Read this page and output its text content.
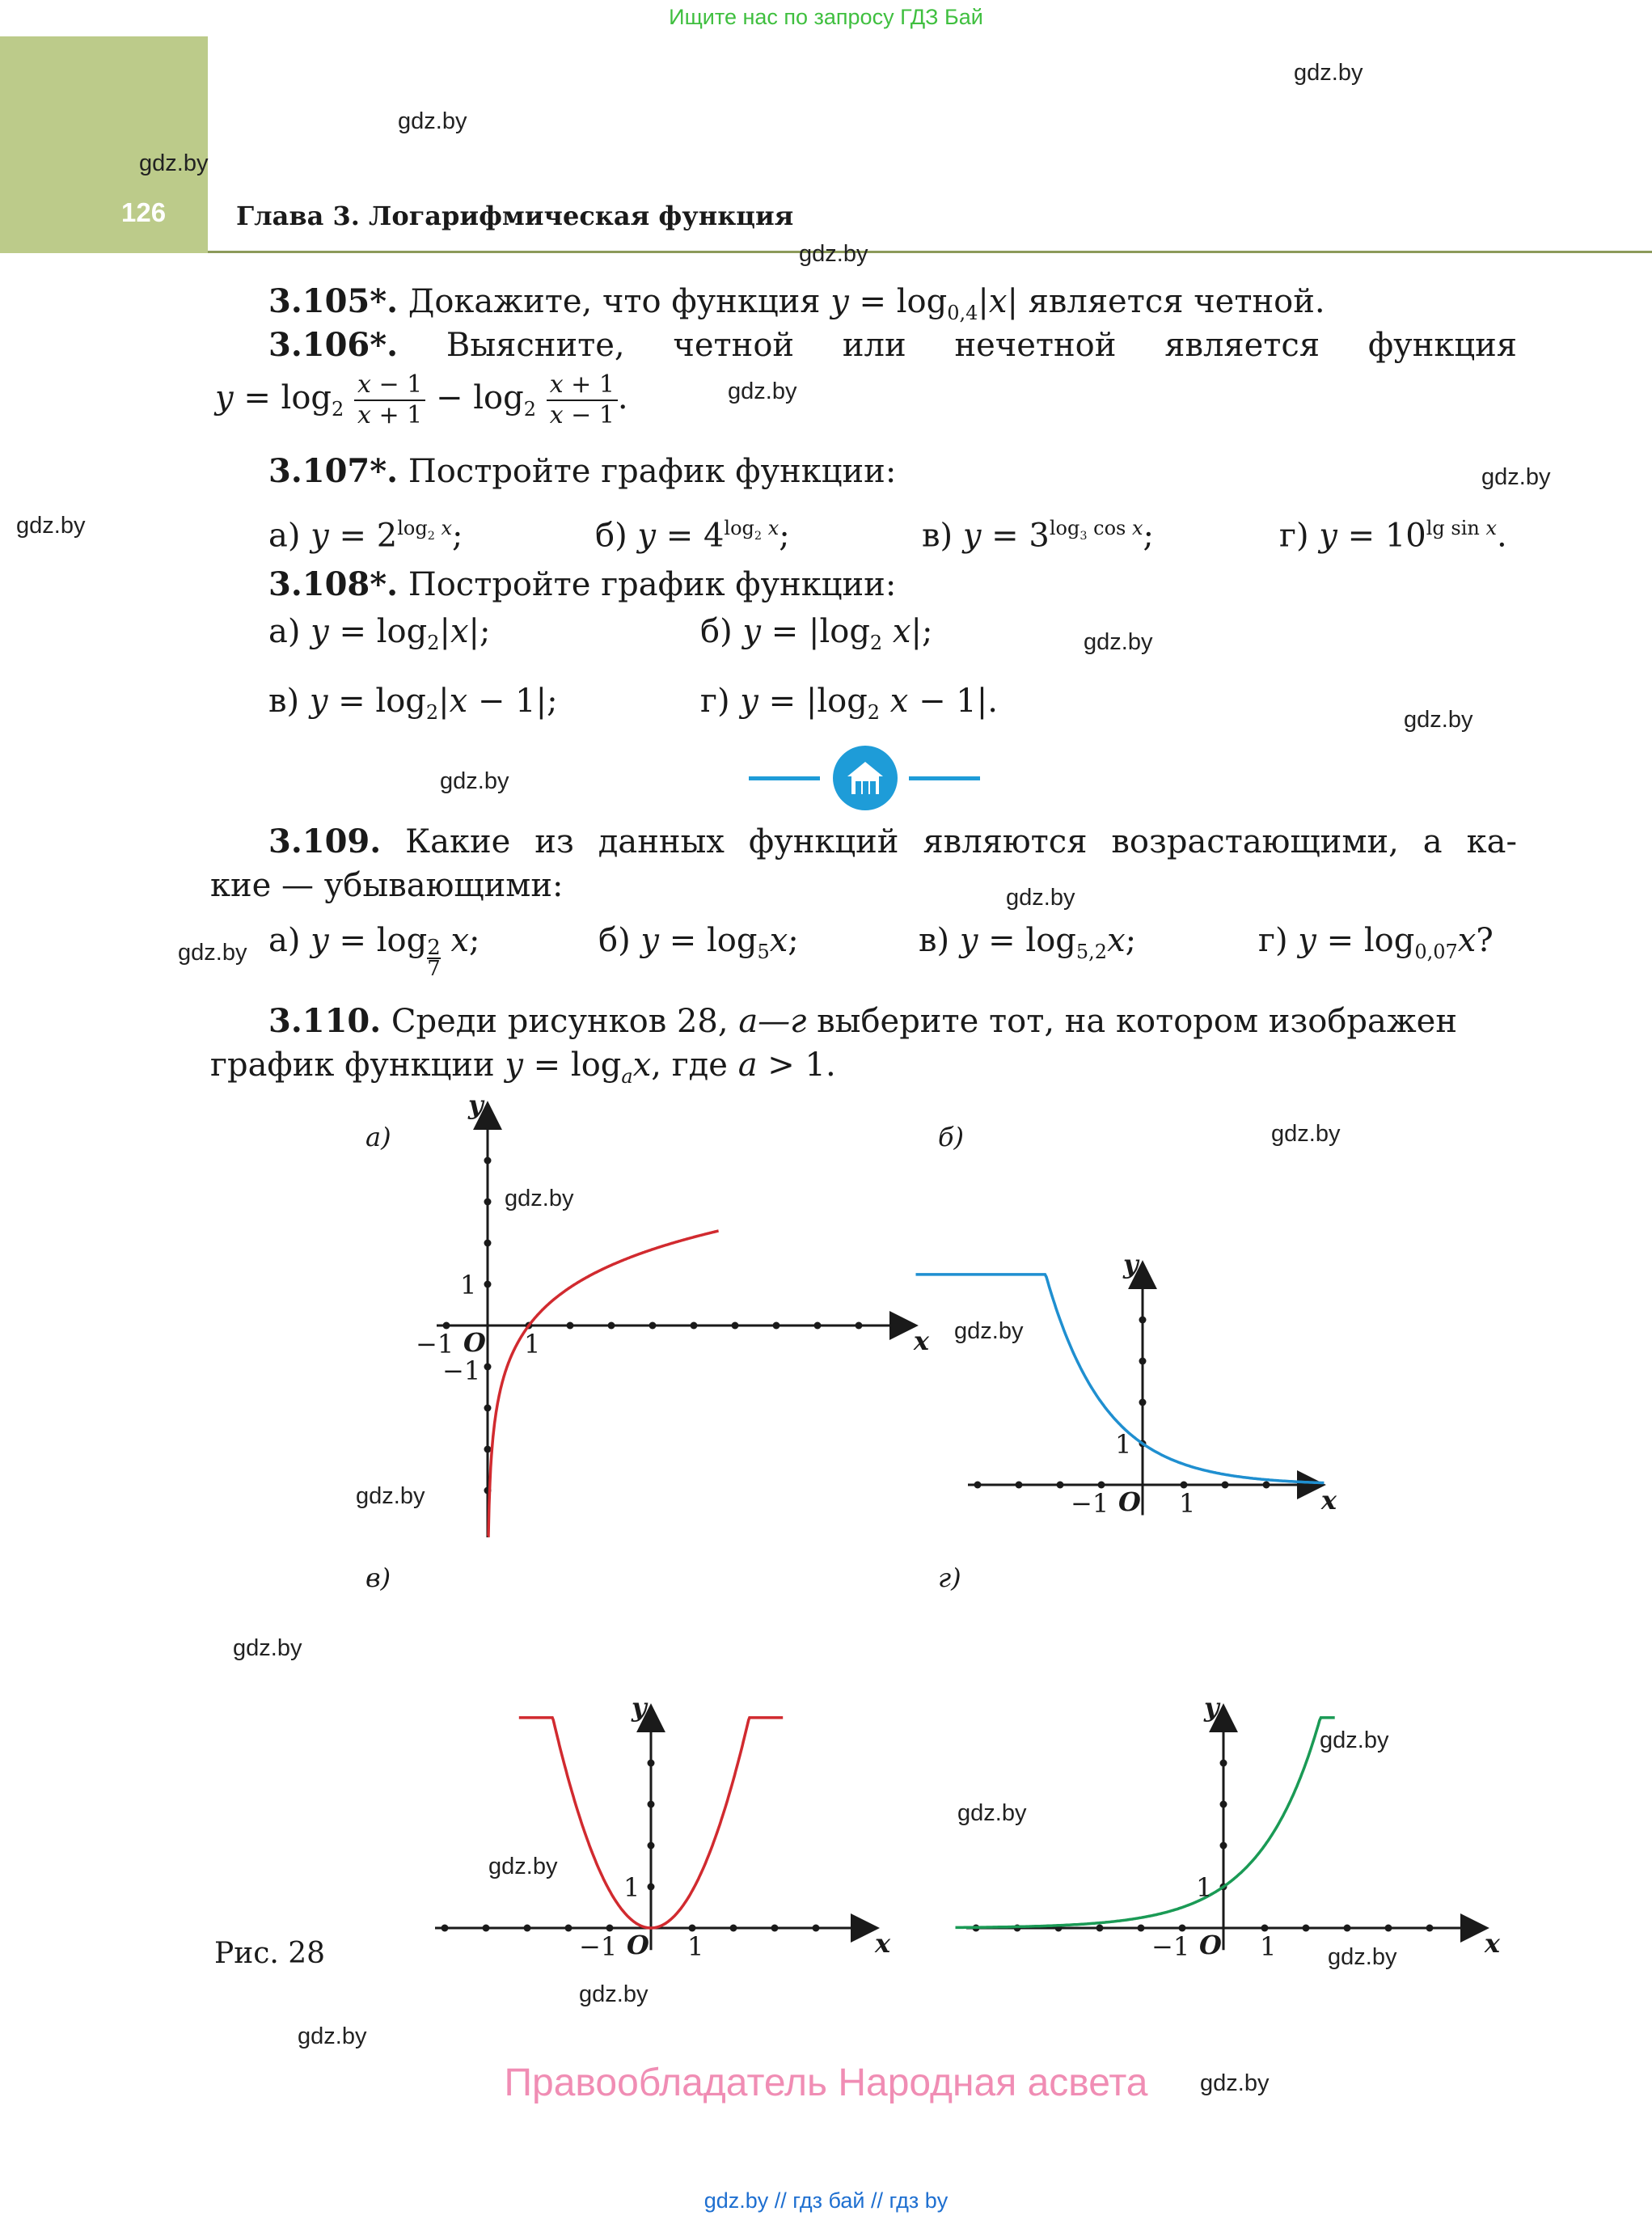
Ищите нас по запросу ГДЗ Бай
126	Глава 3. Логарифмическая функция
gdz.by
gdz.by
gdz.by
gdz.by
gdz.by
gdz.by
gdz.by
gdz.by
gdz.by
gdz.by
gdz.by
gdz.by
gdz.by
gdz.by
gdz.by
gdz.by
gdz.by
gdz.by
gdz.by
gdz.by
gdz.by
gdz.by
gdz.by
gdz.by
3.105*. Докажите, что функция $y = \log_{0,4}|x|$ является четной.
3.106*. Выясните, четной или нечетной является функция
$y = \log_2 \frac{x - 1}{x + 1} - \log_2 \frac{x + 1}{x - 1}$ .
3.107*. Постройте график функции:
а) $y = 2^{log_2 x}$;	б) $y = 4^{log_2 x}$;	в) $y = 3^{log_3 cos x}$;	г) $y = 10^{lg sin x}$.
3.108*. Постройте график функции:
а) $y = \log_2|x|$;	б) $y = |\log_2$ x|;
в) $y = \log_2|x - 1|$;	г) $y = |\log_2$ x − 1|.
3.109. Какие из данных функций являются возрастающими, а ка-
кие — убывающими:
а) $y = \log \frac{2}{7} x$;	б) $y = \log_5x$;	в) $y = \log_{5,2}x$;	г) $y = \log_{0,07}x$?
3.110. Среди рисунков 28, а—г выберите тот, на котором изображен
график функции $y = \log_ax$, где a > 1.
а)
y
x
O 1
−1
1
−1
б)
y
x
O 1
−1
1
в)
y
x
O 1
−1
1
г)
y
x
O 1
−1
1
Рис. 28
Правообладатель Народная асвета
gdz.by // гдз бай // гдз by
